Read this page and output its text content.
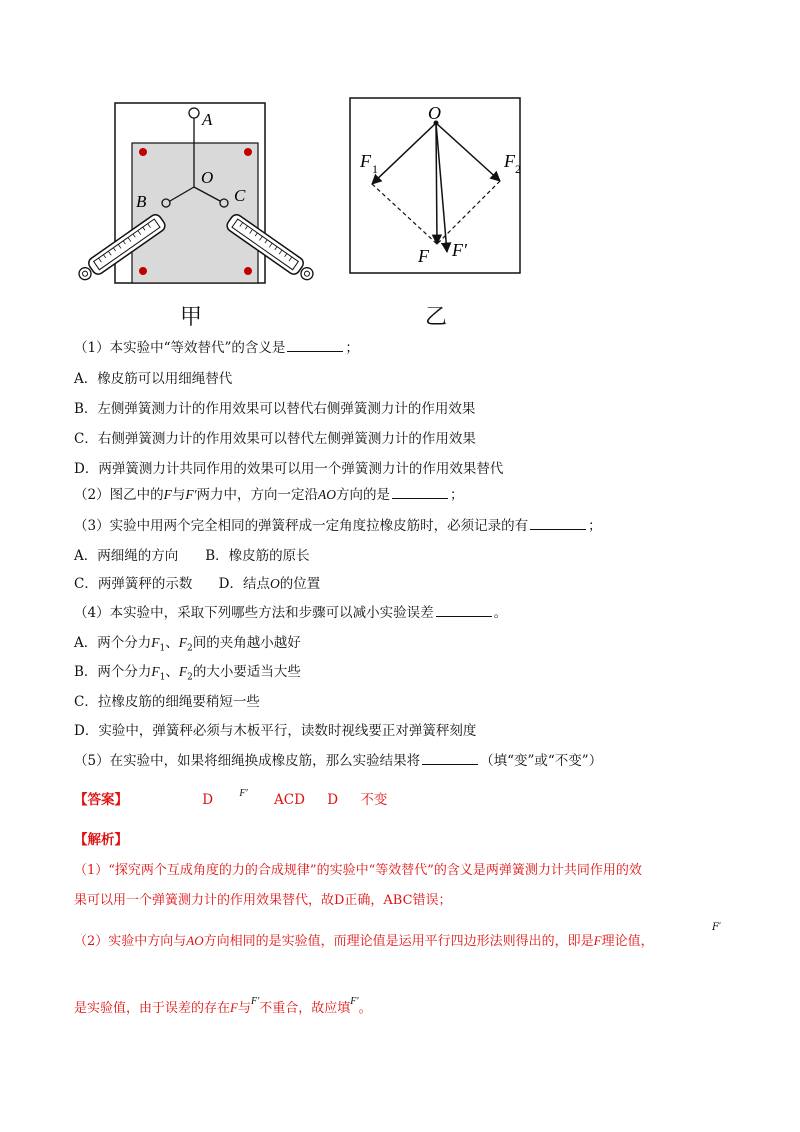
A
O
B	C
甲
O
F 1	F 2
F F′
乙
（1）本实验中“等效替代”的含义是	；
A．橡皮筋可以用细绳替代
B．左侧弹簧测力计的作用效果可以替代右侧弹簧测力计的作用效果
C．右侧弹簧测力计的作用效果可以替代左侧弹簧测力计的作用效果
D．两弹簧测力计共同作用的效果可以用一个弹簧测力计的作用效果替代
（2）图乙中的F与F′两力中，方向一定沿AO方向的是	；
（3）实验中用两个完全相同的弹簧秤成一定角度拉橡皮筋时，必须记录的有	；
A．两细绳的方向　　B．橡皮筋的原长
C．两弹簧秤的示数 D．结点O的位置
（4）本实验中，采取下列哪些方法和步骤可以减小实验误差	。
A．两个分力$F_1$、$F_2$间的夹角越小越好
B．两个分力$F_1$、$F_2$的大小要适当大些
C．拉橡皮筋的细绳要稍短一些
D．实验中，弹簧秤必须与木板平行，读数时视线要正对弹簧秤刻度
（5）在实验中，如果将细绳换成橡皮筋，那么实验结果将	（填“变”或“不变”）
【答案】	D	$^{F'}$ ACD D 不变
【解析】
（1）“探究两个互成角度的力的合成规律”的实验中“等效替代”的含义是两弹簧测力计共同作用的效
果可以用一个弹簧测力计的作用效果替代，故D正确，ABC错误；
（2）实验中方向与AO方向相同的是实验值，而理论值是运用平行四边形法则得出的，即是F理论值，
F′
是实验值，由于误差的存在F与$^{F'}$不重合，故应填$^{F'}$。
